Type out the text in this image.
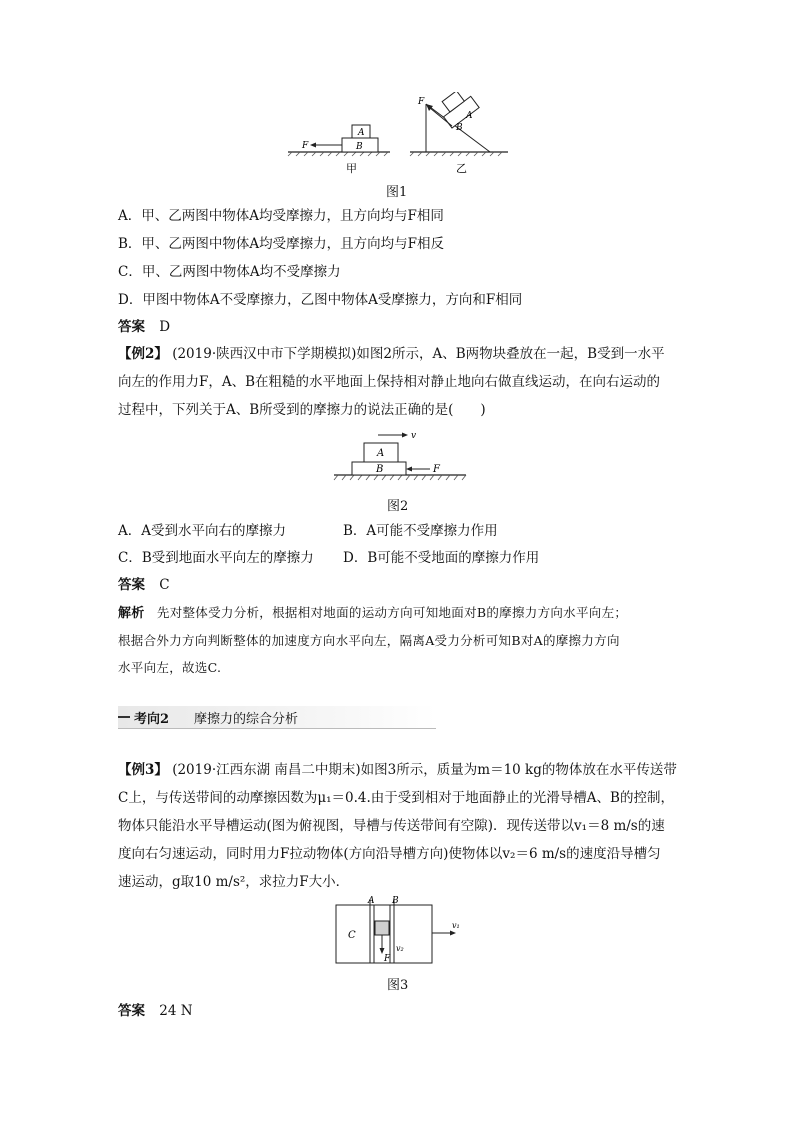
B
A
F
甲
B
A
F
乙
图1
A．甲、乙两图中物体A均受摩擦力，且方向均与F相同
B．甲、乙两图中物体A均受摩擦力，且方向均与F相反
C．甲、乙两图中物体A均不受摩擦力
D．甲图中物体A不受摩擦力，乙图中物体A受摩擦力，方向和F相同
答案 D
【例2】 (2019·陕西汉中市下学期模拟)如图2所示，A、B两物块叠放在一起，B受到一水平
向左的作用力F，A、B在粗糙的水平地面上保持相对静止地向右做直线运动，在向右运动的
过程中，下列关于A、B所受到的摩擦力的说法正确的是(　　)
A
B
v
F
图2
A．A受到水平向右的摩擦力	B．A可能不受摩擦力作用
C．B受到地面水平向左的摩擦力 D．B可能不受地面的摩擦力作用
答案 C
解析 先对整体受力分析，根据相对地面的运动方向可知地面对B的摩擦力方向水平向左；
根据合外力方向判断整体的加速度方向水平向左，隔离A受力分析可知B对A的摩擦力方向
水平向左，故选C.
考向2 摩擦力的综合分析
【例3】 (2019·江西东湖 南昌二中期末)如图3所示，质量为m＝10 kg的物体放在水平传送带
C上，与传送带间的动摩擦因数为μ₁＝0.4.由于受到相对于地面静止的光滑导槽A、B的控制，
物体只能沿水平导槽运动(图为俯视图，导槽与传送带间有空隙)．现传送带以v₁＝8 m/s的速
度向右匀速运动，同时用力F拉动物体(方向沿导槽方向)使物体以v₂＝6 m/s的速度沿导槽匀
速运动，g取10 m/s²，求拉力F大小．
A B
C
F
v₂
v₁
图3
答案 24 N
